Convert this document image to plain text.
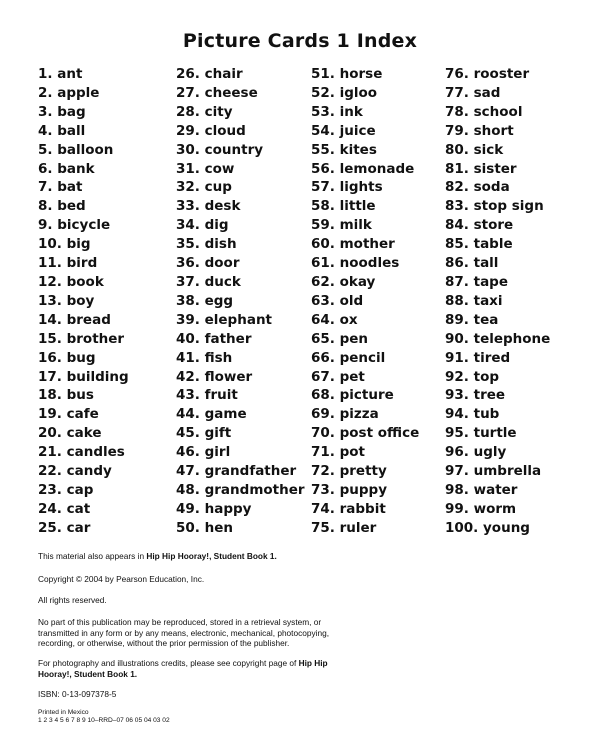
Picture Cards 1 Index
1. ant
2. apple
3. bag
4. ball
5. balloon
6. bank
7. bat
8. bed
9. bicycle
10. big
11. bird
12. book
13. boy
14. bread
15. brother
16. bug
17. building
18. bus
19. cafe
20. cake
21. candles
22. candy
23. cap
24. cat
25. car
26. chair
27. cheese
28. city
29. cloud
30. country
31. cow
32. cup
33. desk
34. dig
35. dish
36. door
37. duck
38. egg
39. elephant
40. father
41. fish
42. flower
43. fruit
44. game
45. gift
46. girl
47. grandfather
48. grandmother
49. happy
50. hen
51. horse
52. igloo
53. ink
54. juice
55. kites
56. lemonade
57. lights
58. little
59. milk
60. mother
61. noodles
62. okay
63. old
64. ox
65. pen
66. pencil
67. pet
68. picture
69. pizza
70. post office
71. pot
72. pretty
73. puppy
74. rabbit
75. ruler
76. rooster
77. sad
78. school
79. short
80. sick
81. sister
82. soda
83. stop sign
84. store
85. table
86. tall
87. tape
88. taxi
89. tea
90. telephone
91. tired
92. top
93. tree
94. tub
95. turtle
96. ugly
97. umbrella
98. water
99. worm
100. young

This material also appears in Hip Hip Hooray!, Student Book 1.

Copyright © 2004 by Pearson Education, Inc.

All rights reserved.

No part of this publication may be reproduced, stored in a retrieval system, or
transmitted in any form or by any means, electronic, mechanical, photocopying,
recording, or otherwise, without the prior permission of the publisher.

For photography and illustrations credits, please see copyright page of Hip Hip
Hooray!, Student Book 1.

ISBN: 0-13-097378-5

Printed in Mexico
1 2 3 4 5 6 7 8 9 10–RRD–07 06 05 04 03 02
